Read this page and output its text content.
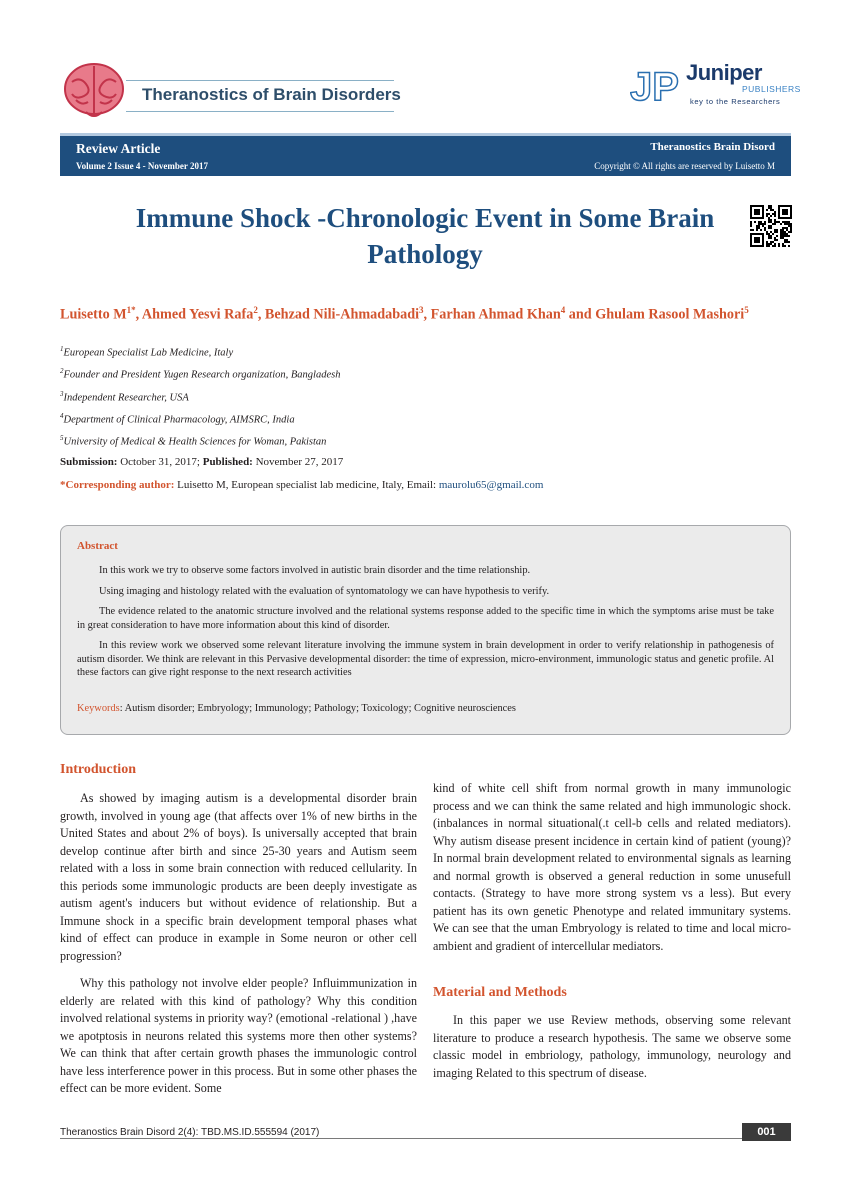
Theranostics of Brain Disorders	JP Juniper
PUBLISHERS
key to the Researchers
Review Article
Volume 2 Issue 4 - November 2017
Theranostics Brain Disord
Copyright © All rights are reserved by Luisetto M
Immune Shock -Chronologic Event in Some Brain Pathology
Luisetto $M^{1*}$, Ahmed Yesvi Rafa$^2$, Behzad Nili-Ahmadabadi$^3$, Farhan Ahmad Khan$^4$ and Ghulam Rasool Mashori$^5$
$^1$European Specialist Lab Medicine, Italy
$^2$Founder and President Yugen Research organization, Bangladesh
$^3$Independent Researcher, USA
$^4$Department of Clinical Pharmacology, AIMSRC, India
$^5$University of Medical & Health Sciences for Woman, Pakistan
Submission: October 31, 2017; Published: November 27, 2017
*Corresponding author: Luisetto M, European specialist lab medicine, Italy, Email: maurolu65@gmail.com
Abstract

In this work we try to observe some factors involved in autistic brain disorder and the time relationship.

Using imaging and histology related with the evaluation of syntomatology we can have hypothesis to verify.

The evidence related to the anatomic structure involved and the relational systems response added to the specific time in which the symptoms arise must be take in great consideration to have more information about this kind of disorder.

In this review work we observed some relevant literature involving the immune system in brain development in order to verify relationship in pathogenesis of autism disorder. We think are relevant in this Pervasive developmental disorder: the time of expression, micro-environment, immunologic status and genetic profile. Al these factors can give right response to the next research activities

Keywords: Autism disorder; Embryology; Immunology; Pathology; Toxicology; Cognitive neurosciences
Introduction

As showed by imaging autism is a developmental disorder brain growth, involved in young age (that affects over 1% of new births in the United States and about 2% of boys). Is universally accepted that brain develop continue after birth and since 25-30 years and Autism seem related with a loss in some brain connection with reduced cellularity. In this periods some immunologic products are been deeply investigate as autism agent's inducers but without evidence of relationship. But a Immune shock in a specific brain development temporal phases what kind of effect can produce in example in Some neuron or other cell progression?

Why this pathology not involve elder people? Influimmunization in elderly are related with this kind of pathology? Why this condition involved relational systems in priority way? (emotional -relational ) ,have we apotptosis in neurons related this systems more then other systems? We can think that after certain growth phases the immunologic control have less interference power in this process. But in some other phases the effect can be more evident. Some

kind of white cell shift from normal growth in many immunologic process and we can think the same related and high immunologic shock. (inbalances in normal situational(.t cell-b cells and related mediators). Why autism disease present incidence in certain kind of patient (young)? In normal brain development related to environmental signals as learning and normal growth is observed a general reduction in some unusefull contacts. (Strategy to have more strong system vs a less). But every patient has its own genetic Phenotype and related immunitary systems. We can see that the uman Embryology is related to time and local micro-ambient and gradient of intercellular mediators.
Material and Methods

In this paper we use Review methods, observing some relevant literature to produce a research hypothesis. The same we observe some classic model in embriology, pathology, immunology, neurology and imaging Related to this spectrum of disease.

Theranostics Brain Disord 2(4): TBD.MS.ID.555594 (2017)	001
